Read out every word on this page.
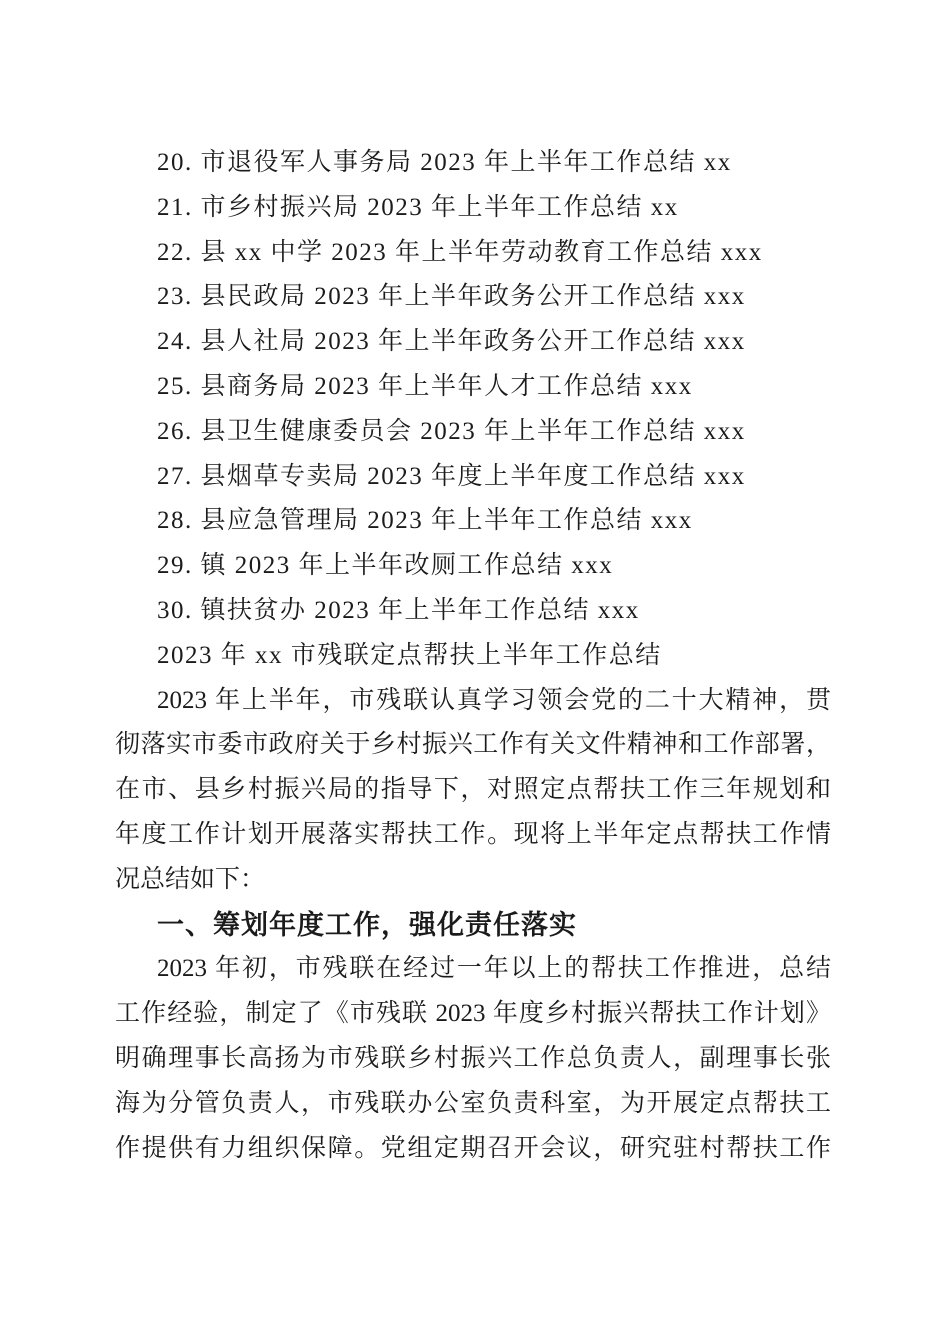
20. 市退役军人事务局 2023 年上半年工作总结 xx
21. 市乡村振兴局 2023 年上半年工作总结 xx
22. 县 xx 中学 2023 年上半年劳动教育工作总结 xxx
23. 县民政局 2023 年上半年政务公开工作总结 xxx
24. 县人社局 2023 年上半年政务公开工作总结 xxx
25. 县商务局 2023 年上半年人才工作总结 xxx
26. 县卫生健康委员会 2023 年上半年工作总结 xxx
27. 县烟草专卖局 2023 年度上半年度工作总结 xxx
28. 县应急管理局 2023 年上半年工作总结 xxx
29. 镇 2023 年上半年改厕工作总结 xxx
30. 镇扶贫办 2023 年上半年工作总结 xxx
2023 年 xx 市残联定点帮扶上半年工作总结
2023 年上半年，市残联认真学习领会党的二十大精神，贯
彻落实市委市政府关于乡村振兴工作有关文件精神和工作部署，
在市、县乡村振兴局的指导下，对照定点帮扶工作三年规划和
年度工作计划开展落实帮扶工作。现将上半年定点帮扶工作情
况总结如下：
一、筹划年度工作，强化责任落实
2023 年初，市残联在经过一年以上的帮扶工作推进，总结
工作经验，制定了《市残联 2023 年度乡村振兴帮扶工作计划》
明确理事长高扬为市残联乡村振兴工作总负责人，副理事长张
海为分管负责人，市残联办公室负责科室，为开展定点帮扶工
作提供有力组织保障。党组定期召开会议，研究驻村帮扶工作
